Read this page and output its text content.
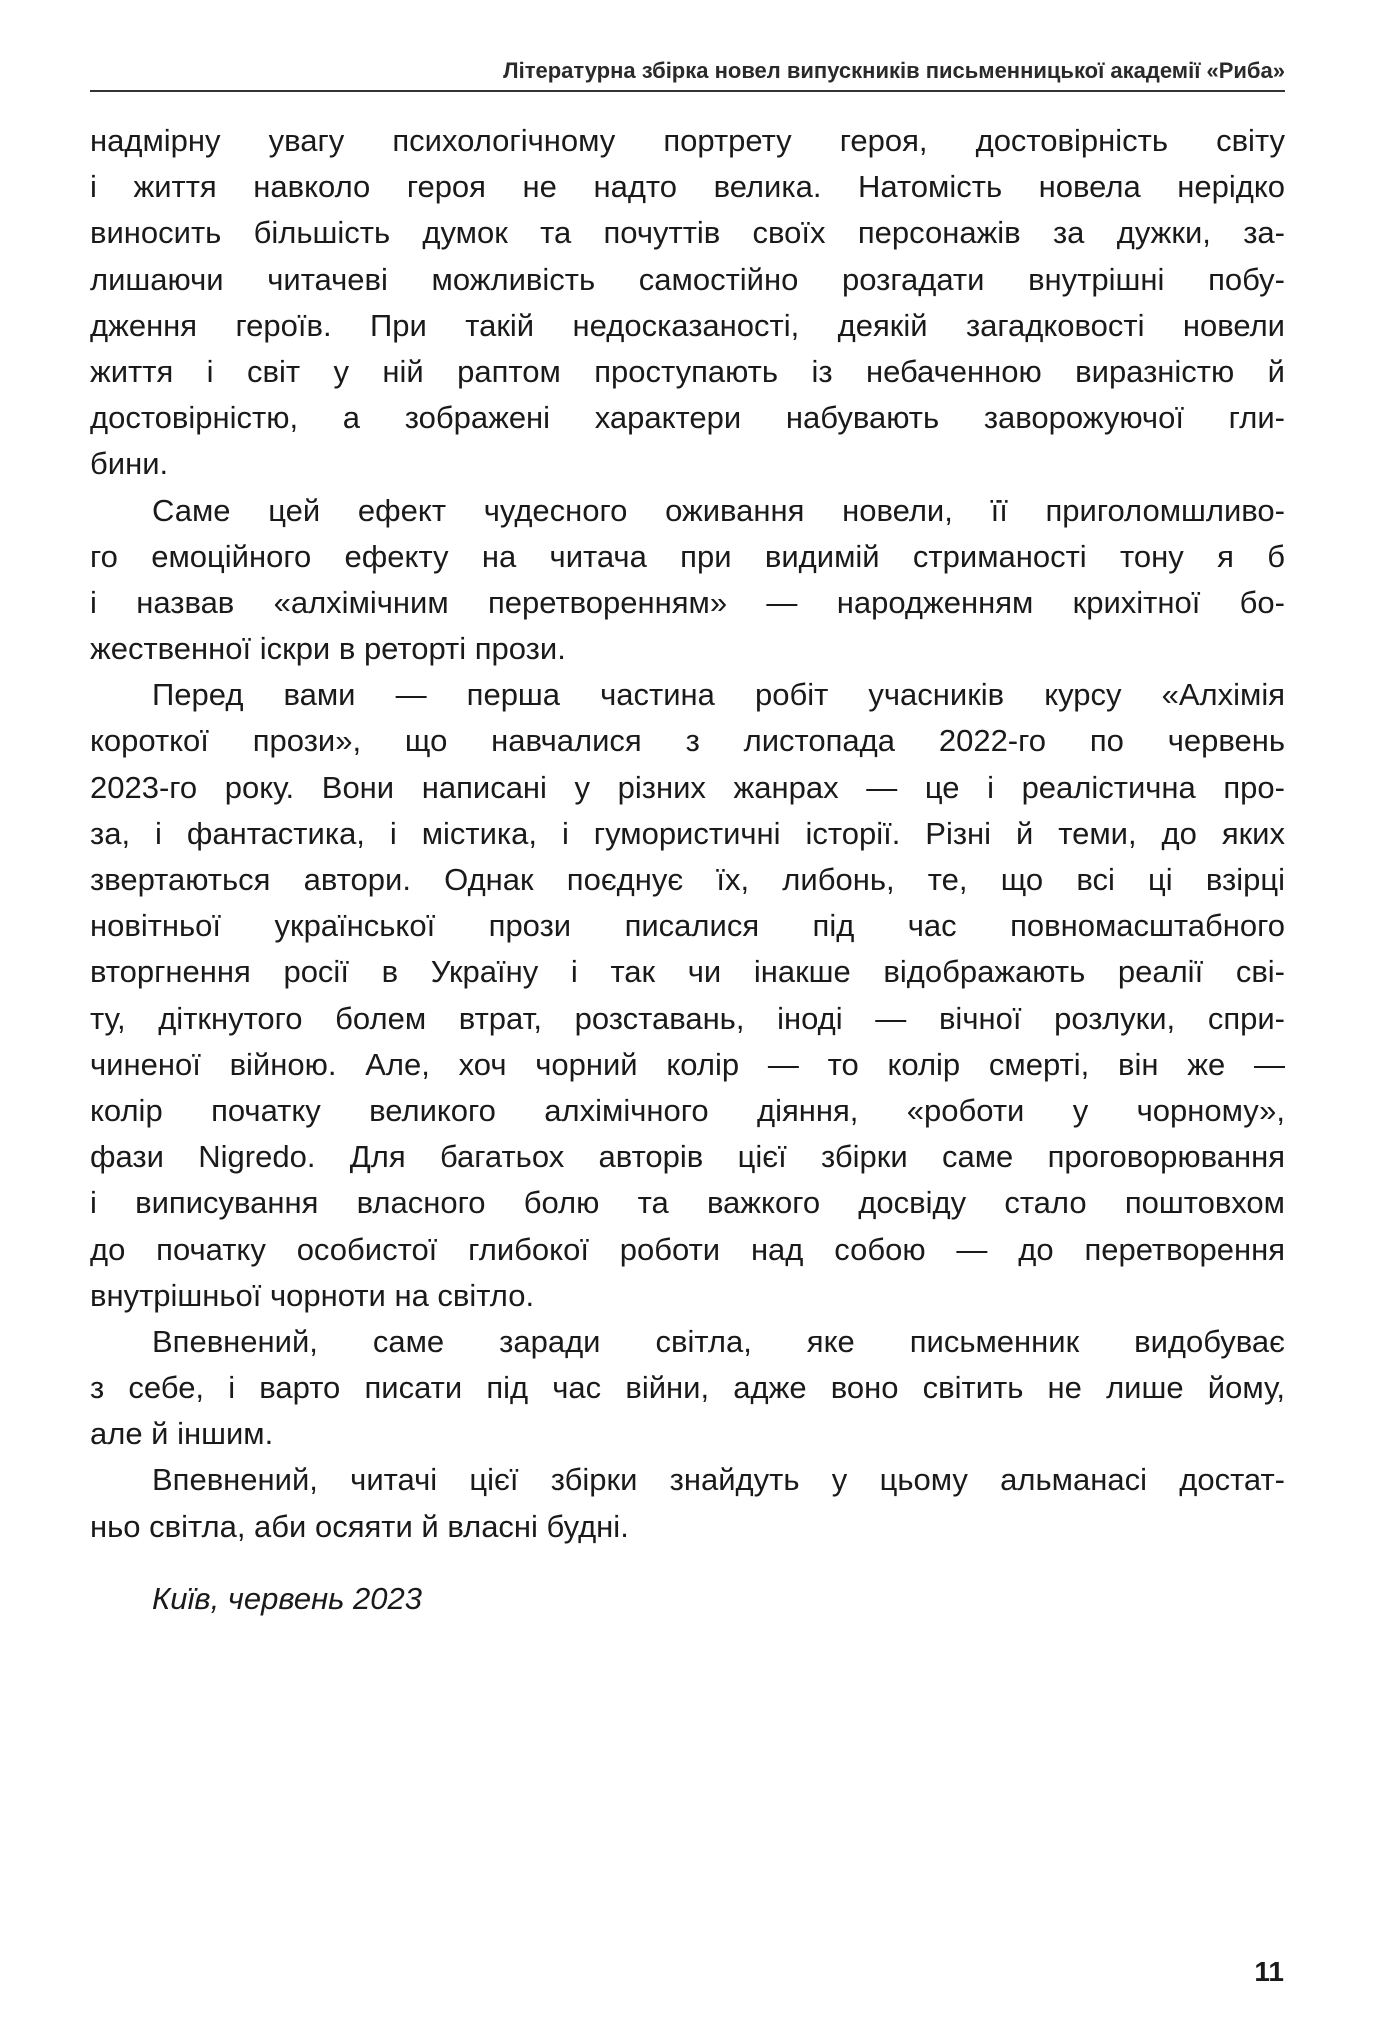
Літературна збірка новел випускників письменницької академії «Риба»
надмірну увагу психологічному портрету героя, достовірність світу
і життя навколо героя не надто велика. Натомість новела нерідко
виносить більшість думок та почуттів своїх персонажів за дужки, за-
лишаючи читачеві можливість самостійно розгадати внутрішні побу-
дження героїв. При такій недосказаності, деякій загадковості новели
життя і світ у ній раптом проступають із небаченною виразністю й
достовірністю, а зображені характери набувають заворожуючої гли-
бини.
Саме цей ефект чудесного оживання новели, її приголомшливо-
го емоційного ефекту на читача при видимій стриманості тону я б
і назвав «алхімічним перетворенням» — народженням крихітної бо-
жественної іскри в реторті прози.
Перед вами — перша частина робіт учасників курсу «Алхімія
короткої прози», що навчалися з листопада 2022-го по червень
2023-го року. Вони написані у різних жанрах — це і реалістична про-
за, і фантастика, і містика, і гумористичні історії. Різні й теми, до яких
звертаються автори. Однак поєднує їх, либонь, те, що всі ці взірці
новітньої української прози писалися під час повномасштабного
вторгнення росії в Україну і так чи інакше відображають реалії сві-
ту, діткнутого болем втрат, розставань, іноді — вічної розлуки, спри-
чиненої війною. Але, хоч чорний колір — то колір смерті, він же —
колір початку великого алхімічного діяння, «роботи у чорному»,
фази Nigredo. Для багатьох авторів цієї збірки саме проговорювання
і виписування власного болю та важкого досвіду стало поштовхом
до початку особистої глибокої роботи над собою — до перетворення
внутрішньої чорноти на світло.
Впевнений, саме заради світла, яке письменник видобуває
з себе, і варто писати під час війни, адже воно світить не лише йому,
але й іншим.
Впевнений, читачі цієї збірки знайдуть у цьому альманасі достат-
ньо світла, аби осяяти й власні будні.
Київ, червень 2023
11
